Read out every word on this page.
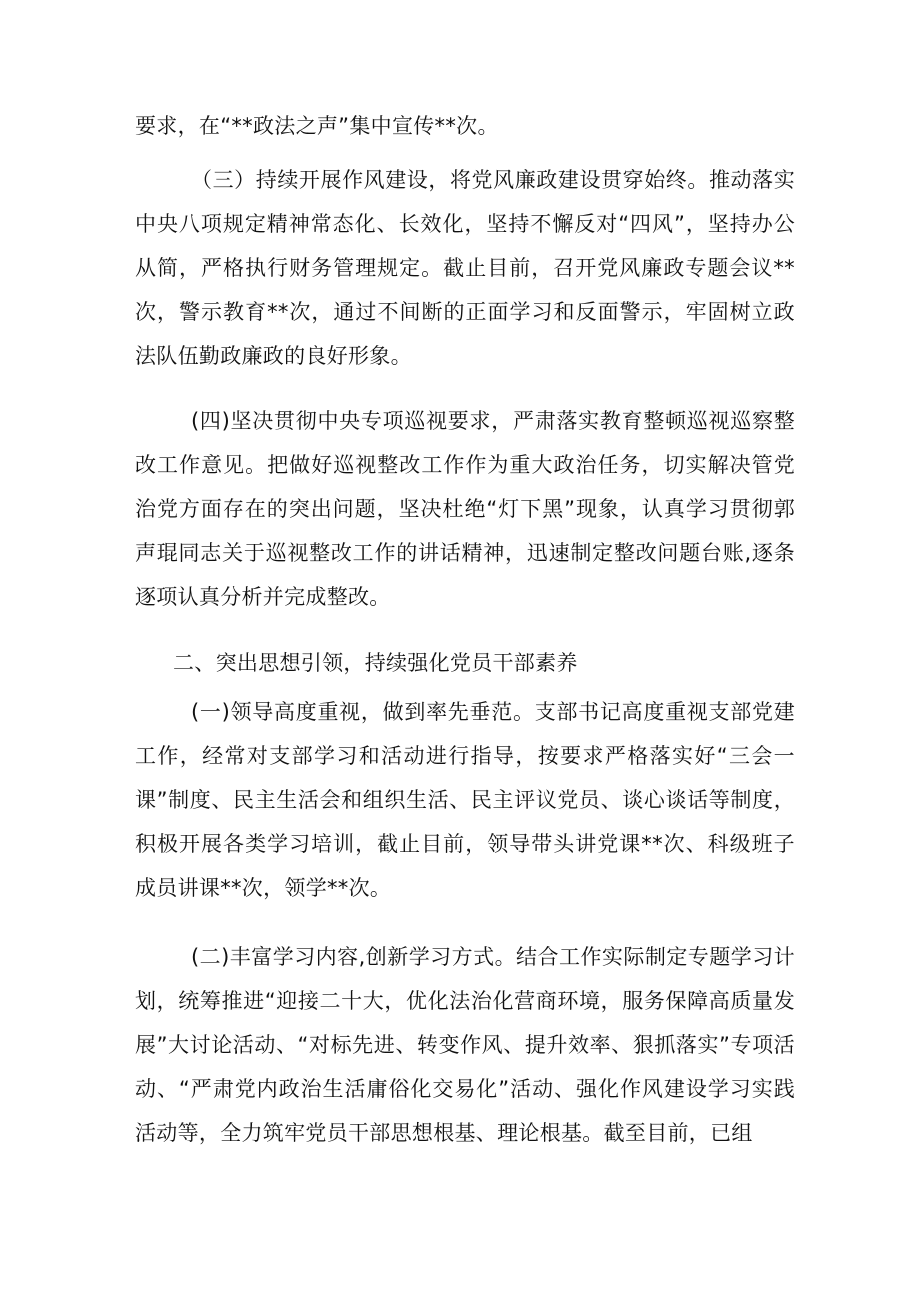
要求，在“**政法之声”集中宣传**次。

（三）持续开展作风建设，将党风廉政建设贯穿始终。推动落实中央八项规定精神常态化、长效化，坚持不懈反对“四风”，坚持办公从简，严格执行财务管理规定。截止目前，召开党风廉政专题会议**次，警示教育**次，通过不间断的正面学习和反面警示，牢固树立政法队伍勤政廉政的良好形象。

(四)坚决贯彻中央专项巡视要求，严肃落实教育整顿巡视巡察整改工作意见。把做好巡视整改工作作为重大政治任务，切实解决管党治党方面存在的突出问题，坚决杜绝“灯下黑”现象，认真学习贯彻郭声琨同志关于巡视整改工作的讲话精神，迅速制定整改问题台账,逐条逐项认真分析并完成整改。

二、突出思想引领，持续强化党员干部素养

(一)领导高度重视，做到率先垂范。支部书记高度重视支部党建工作，经常对支部学习和活动进行指导，按要求严格落实好“三会一课”制度、民主生活会和组织生活、民主评议党员、谈心谈话等制度，积极开展各类学习培训，截止目前，领导带头讲党课**次、科级班子成员讲课**次，领学**次。

(二)丰富学习内容,创新学习方式。结合工作实际制定专题学习计划，统筹推进“迎接二十大，优化法治化营商环境，服务保障高质量发展”大讨论活动、“对标先进、转变作风、提升效率、狠抓落实”专项活动、“严肃党内政治生活庸俗化交易化”活动、强化作风建设学习实践活动等，全力筑牢党员干部思想根基、理论根基。截至目前，已组
